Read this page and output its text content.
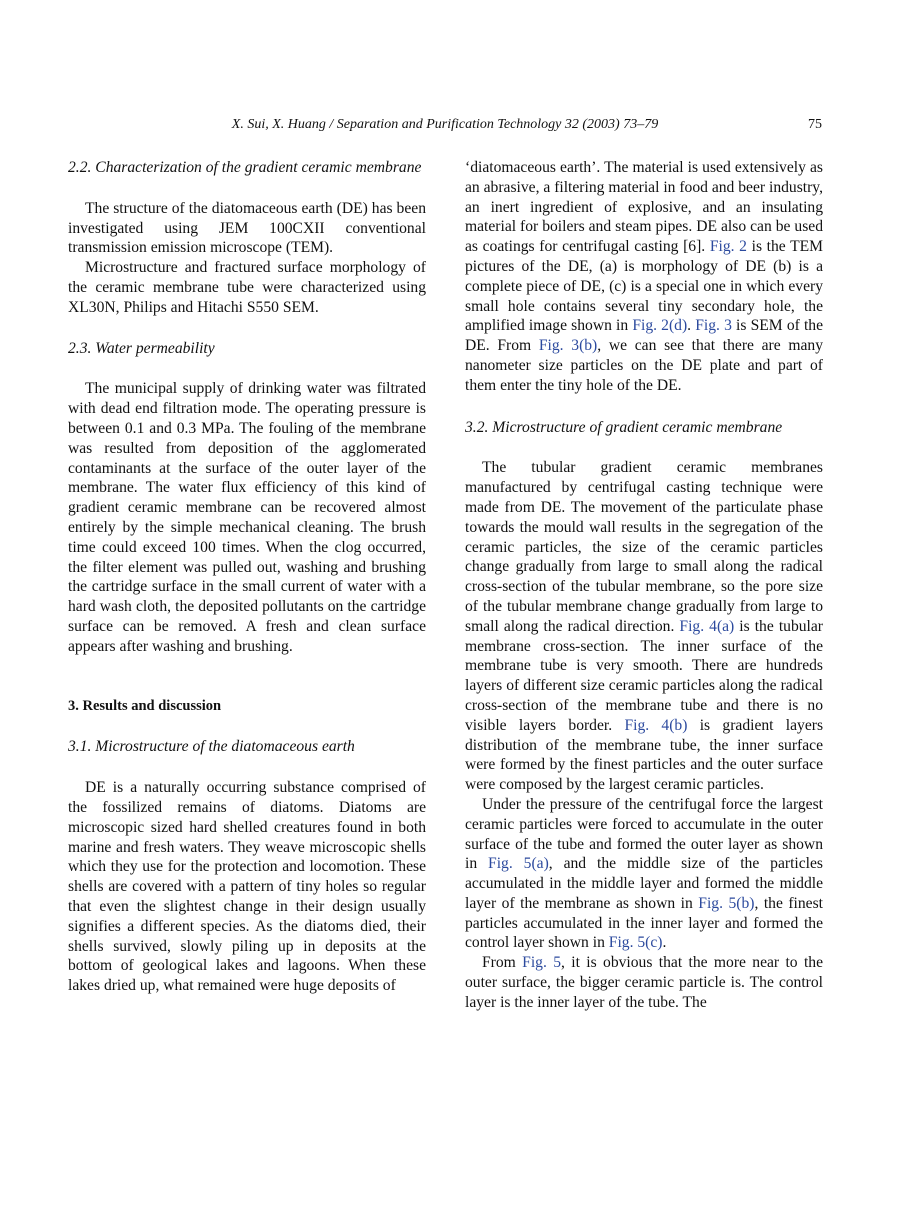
X. Sui, X. Huang / Separation and Purification Technology 32 (2003) 73–79	75
2.2. Characterization of the gradient ceramic membrane

The structure of the diatomaceous earth (DE) has been investigated using JEM 100CXII conventional transmission emission microscope (TEM).

Microstructure and fractured surface morphology of the ceramic membrane tube were characterized using XL30N, Philips and Hitachi S550 SEM.

2.3. Water permeability

The municipal supply of drinking water was filtrated with dead end filtration mode. The operating pressure is between 0.1 and 0.3 MPa. The fouling of the membrane was resulted from deposition of the agglomerated contaminants at the surface of the outer layer of the membrane. The water flux efficiency of this kind of gradient ceramic membrane can be recovered almost entirely by the simple mechanical cleaning. The brush time could exceed 100 times. When the clog occurred, the filter element was pulled out, washing and brushing the cartridge surface in the small current of water with a hard wash cloth, the deposited pollutants on the cartridge surface can be removed. A fresh and clean surface appears after washing and brushing.

3. Results and discussion
3.1. Microstructure of the diatomaceous earth

DE is a naturally occurring substance comprised of the fossilized remains of diatoms. Diatoms are microscopic sized hard shelled creatures found in both marine and fresh waters. They weave microscopic shells which they use for the protection and locomotion. These shells are covered with a pattern of tiny holes so regular that even the slightest change in their design usually signifies a different species. As the diatoms died, their shells survived, slowly piling up in deposits at the bottom of geological lakes and lagoons. When these lakes dried up, what remained were huge deposits of

‘diatomaceous earth’. The material is used extensively as an abrasive, a filtering material in food and beer industry, an inert ingredient of explosive, and an insulating material for boilers and steam pipes. DE also can be used as coatings for centrifugal casting [6]. Fig. 2 is the TEM pictures of the DE, (a) is morphology of DE (b) is a complete piece of DE, (c) is a special one in which every small hole contains several tiny secondary hole, the amplified image shown in Fig. 2(d). Fig. 3 is SEM of the DE. From Fig. 3(b), we can see that there are many nanometer size particles on the DE plate and part of them enter the tiny hole of the DE.

3.2. Microstructure of gradient ceramic membrane

The tubular gradient ceramic membranes manufactured by centrifugal casting technique were made from DE. The movement of the particulate phase towards the mould wall results in the segregation of the ceramic particles, the size of the ceramic particles change gradually from large to small along the radical cross-section of the tubular membrane, so the pore size of the tubular membrane change gradually from large to small along the radical direction. Fig. 4(a) is the tubular membrane cross-section. The inner surface of the membrane tube is very smooth. There are hundreds layers of different size ceramic particles along the radical cross-section of the membrane tube and there is no visible layers border. Fig. 4(b) is gradient layers distribution of the membrane tube, the inner surface were formed by the finest particles and the outer surface were composed by the largest ceramic particles.

Under the pressure of the centrifugal force the largest ceramic particles were forced to accumulate in the outer surface of the tube and formed the outer layer as shown in Fig. 5(a), and the middle size of the particles accumulated in the middle layer and formed the middle layer of the membrane as shown in Fig. 5(b), the finest particles accumulated in the inner layer and formed the control layer shown in Fig. 5(c).

From Fig. 5, it is obvious that the more near to the outer surface, the bigger ceramic particle is. The control layer is the inner layer of the tube. The
